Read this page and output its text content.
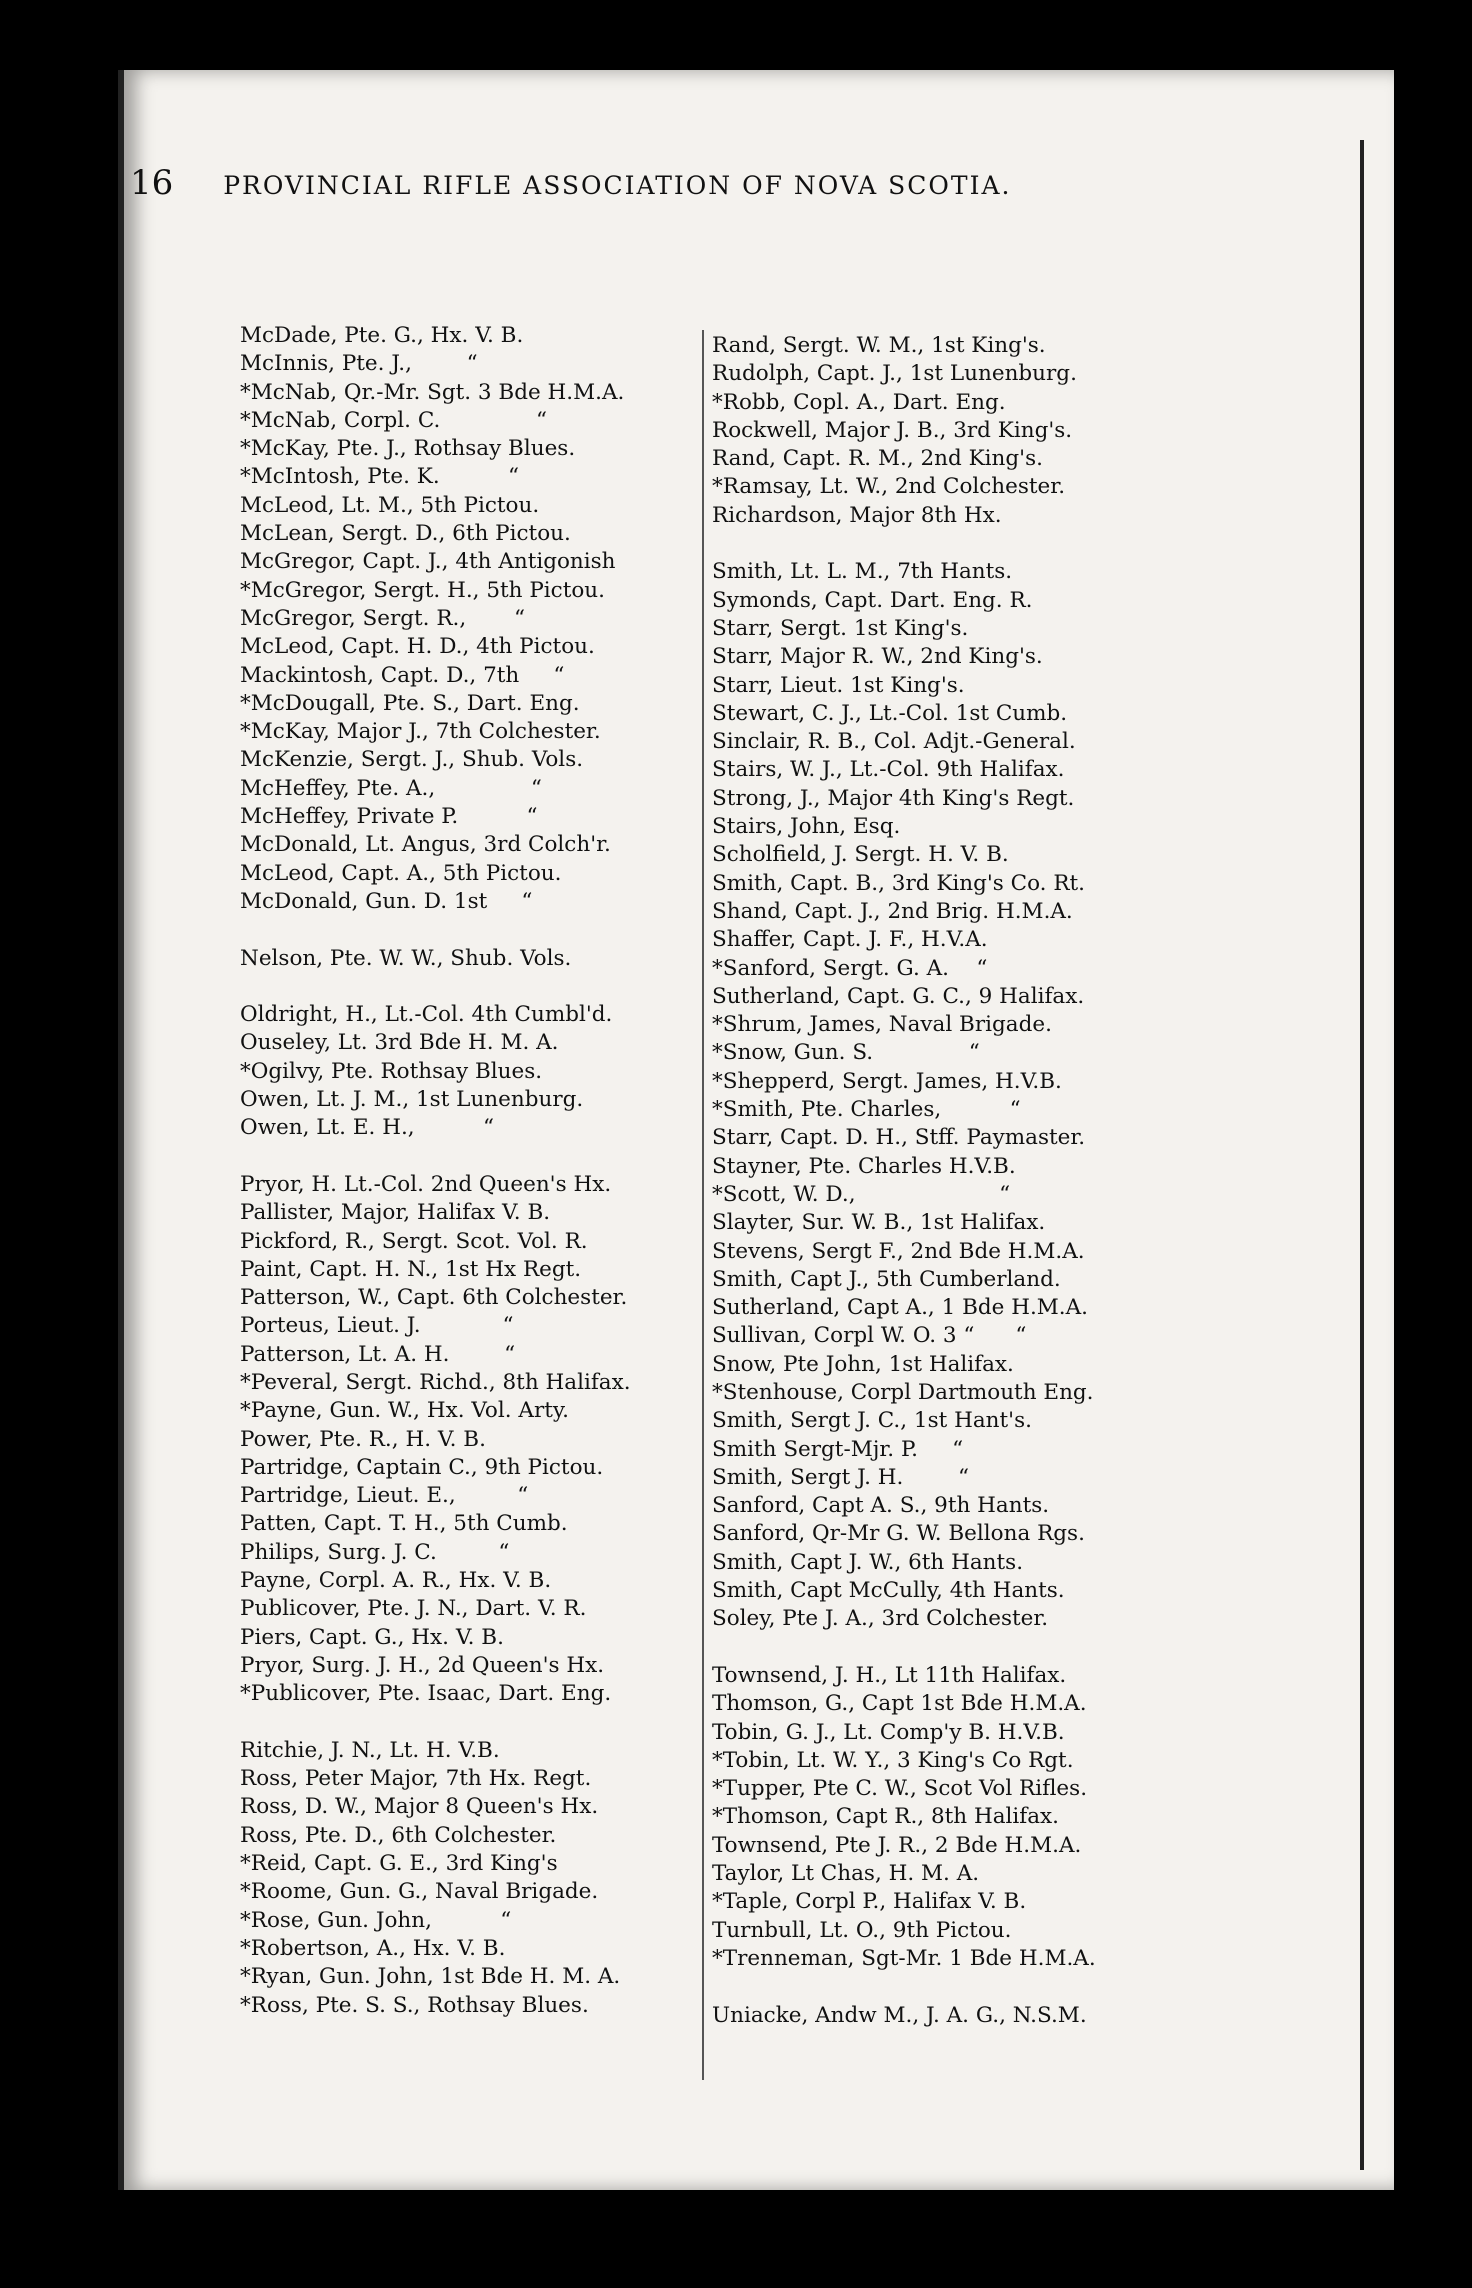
16 PROVINCIAL RIFLE ASSOCIATION OF NOVA SCOTIA.
McDade, Pte. G., Hx. V. B.
McInnis, Pte. J.,        “
*McNab, Qr.-Mr. Sgt. 3 Bde H.M.A.
*McNab, Corpl. C.              “
*McKay, Pte. J., Rothsay Blues.
*McIntosh, Pte. K.          “
McLeod, Lt. M., 5th Pictou.
McLean, Sergt. D., 6th Pictou.
McGregor, Capt. J., 4th Antigonish
*McGregor, Sergt. H., 5th Pictou.
McGregor, Sergt. R.,       “
McLeod, Capt. H. D., 4th Pictou.
Mackintosh, Capt. D., 7th     “
*McDougall, Pte. S., Dart. Eng.
*McKay, Major J., 7th Colchester.
McKenzie, Sergt. J., Shub. Vols.
McHeffey, Pte. A.,              “
McHeffey, Private P.          “
McDonald, Lt. Angus, 3rd Colch'r.
McLeod, Capt. A., 5th Pictou.
McDonald, Gun. D. 1st     “
Nelson, Pte. W. W., Shub. Vols.
Oldright, H., Lt.-Col. 4th Cumbl'd.
Ouseley, Lt. 3rd Bde H. M. A.
*Ogilvy, Pte. Rothsay Blues.
Owen, Lt. J. M., 1st Lunenburg.
Owen, Lt. E. H.,          “
Pryor, H. Lt.-Col. 2nd Queen's Hx.
Pallister, Major, Halifax V. B.
Pickford, R., Sergt. Scot. Vol. R.
Paint, Capt. H. N., 1st Hx Regt.
Patterson, W., Capt. 6th Colchester.
Porteus, Lieut. J.            “
Patterson, Lt. A. H.        “
*Peveral, Sergt. Richd., 8th Halifax.
*Payne, Gun. W., Hx. Vol. Arty.
Power, Pte. R., H. V. B.
Partridge, Captain C., 9th Pictou.
Partridge, Lieut. E.,         “
Patten, Capt. T. H., 5th Cumb.
Philips, Surg. J. C.         “
Payne, Corpl. A. R., Hx. V. B.
Publicover, Pte. J. N., Dart. V. R.
Piers, Capt. G., Hx. V. B.
Pryor, Surg. J. H., 2d Queen's Hx.
*Publicover, Pte. Isaac, Dart. Eng.
Ritchie, J. N., Lt. H. V.B.
Ross, Peter Major, 7th Hx. Regt.
Ross, D. W., Major 8 Queen's Hx.
Ross, Pte. D., 6th Colchester.
*Reid, Capt. G. E., 3rd King's
*Roome, Gun. G., Naval Brigade.
*Rose, Gun. John,          “
*Robertson, A., Hx. V. B.
*Ryan, Gun. John, 1st Bde H. M. A.
*Ross, Pte. S. S., Rothsay Blues.
Rand, Sergt. W. M., 1st King's.
Rudolph, Capt. J., 1st Lunenburg.
*Robb, Copl. A., Dart. Eng.
Rockwell, Major J. B., 3rd King's.
Rand, Capt. R. M., 2nd King's.
*Ramsay, Lt. W., 2nd Colchester.
Richardson, Major 8th Hx.
Smith, Lt. L. M., 7th Hants.
Symonds, Capt. Dart. Eng. R.
Starr, Sergt. 1st King's.
Starr, Major R. W., 2nd King's.
Starr, Lieut. 1st King's.
Stewart, C. J., Lt.-Col. 1st Cumb.
Sinclair, R. B., Col. Adjt.-General.
Stairs, W. J., Lt.-Col. 9th Halifax.
Strong, J., Major 4th King's Regt.
Stairs, John, Esq.
Scholfield, J. Sergt. H. V. B.
Smith, Capt. B., 3rd King's Co. Rt.
Shand, Capt. J., 2nd Brig. H.M.A.
Shaffer, Capt. J. F., H.V.A.
*Sanford, Sergt. G. A.    “
Sutherland, Capt. G. C., 9 Halifax.
*Shrum, James, Naval Brigade.
*Snow, Gun. S.              “
*Shepperd, Sergt. James, H.V.B.
*Smith, Pte. Charles,          “
Starr, Capt. D. H., Stff. Paymaster.
Stayner, Pte. Charles H.V.B.
*Scott, W. D.,                     “
Slayter, Sur. W. B., 1st Halifax.
Stevens, Sergt F., 2nd Bde H.M.A.
Smith, Capt J., 5th Cumberland.
Sutherland, Capt A., 1 Bde H.M.A.
Sullivan, Corpl W. O. 3 “      “
Snow, Pte John, 1st Halifax.
*Stenhouse, Corpl Dartmouth Eng.
Smith, Sergt J. C., 1st Hant's.
Smith Sergt-Mjr. P.     “
Smith, Sergt J. H.        “
Sanford, Capt A. S., 9th Hants.
Sanford, Qr-Mr G. W. Bellona Rgs.
Smith, Capt J. W., 6th Hants.
Smith, Capt McCully, 4th Hants.
Soley, Pte J. A., 3rd Colchester.
Townsend, J. H., Lt 11th Halifax.
Thomson, G., Capt 1st Bde H.M.A.
Tobin, G. J., Lt. Comp'y B. H.V.B.
*Tobin, Lt. W. Y., 3 King's Co Rgt.
*Tupper, Pte C. W., Scot Vol Rifles.
*Thomson, Capt R., 8th Halifax.
Townsend, Pte J. R., 2 Bde H.M.A.
Taylor, Lt Chas, H. M. A.
*Taple, Corpl P., Halifax V. B.
Turnbull, Lt. O., 9th Pictou.
*Trenneman, Sgt-Mr. 1 Bde H.M.A.
Uniacke, Andw M., J. A. G., N.S.M.
